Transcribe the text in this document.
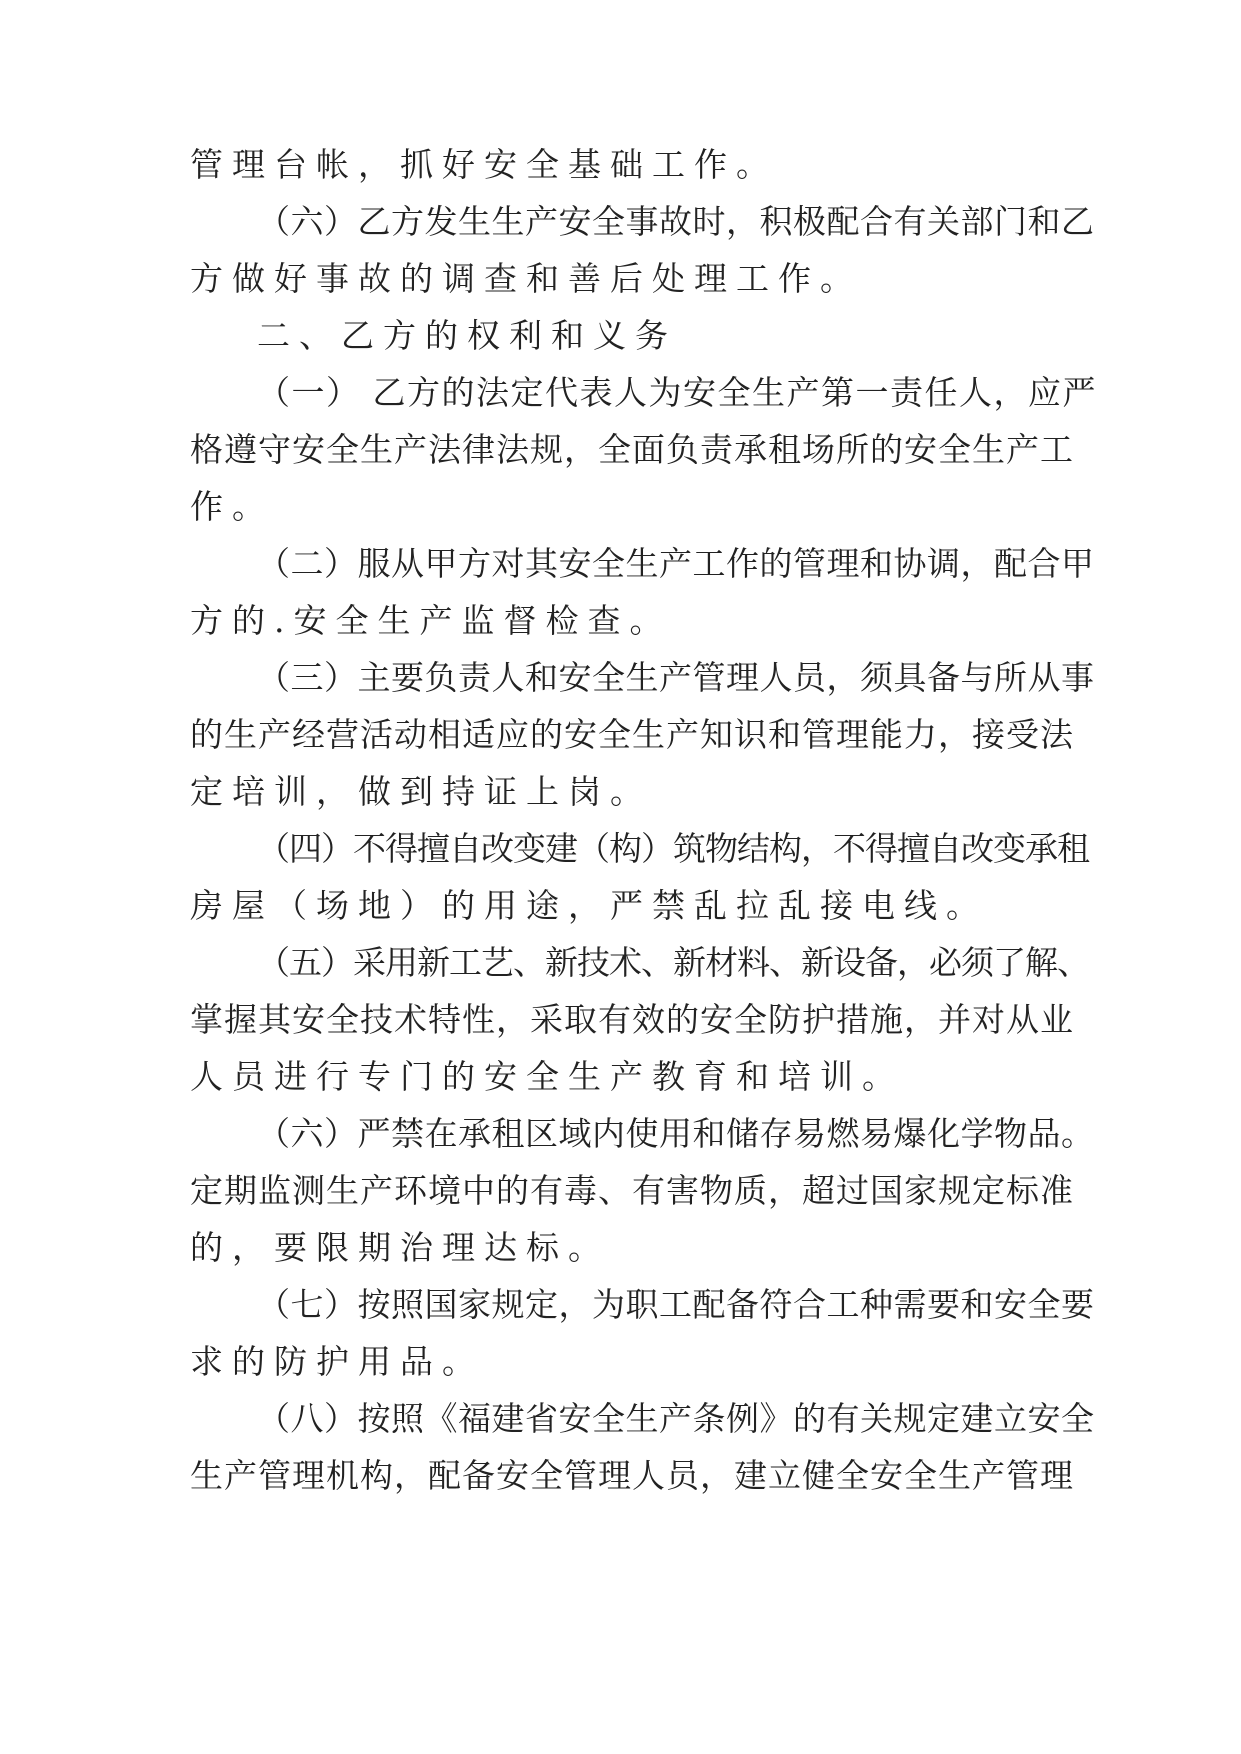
管理台帐，抓好安全基础工作。
（六）乙方发生生产安全事故时，积极配合有关部门和乙
方做好事故的调查和善后处理工作。
二、乙方的权利和义务
（一） 乙方的法定代表人为安全生产第一责任人，应严
格遵守安全生产法律法规，全面负责承租场所的安全生产工
作。
（二）服从甲方对其安全生产工作的管理和协调，配合甲
方的.安全生产监督检查。
（三）主要负责人和安全生产管理人员，须具备与所从事
的生产经营活动相适应的安全生产知识和管理能力，接受法
定培训，做到持证上岗。
（四）不得擅自改变建（构）筑物结构，不得擅自改变承租
房屋（场地）的用途，严禁乱拉乱接电线。
（五）采用新工艺、新技术、新材料、新设备，必须了解、
掌握其安全技术特性，采取有效的安全防护措施，并对从业
人员进行专门的安全生产教育和培训。
（六）严禁在承租区域内使用和储存易燃易爆化学物品。
定期监测生产环境中的有毒、有害物质，超过国家规定标准
的，要限期治理达标。
（七）按照国家规定，为职工配备符合工种需要和安全要
求的防护用品。
（八）按照《福建省安全生产条例》的有关规定建立安全
生产管理机构，配备安全管理人员，建立健全安全生产管理
